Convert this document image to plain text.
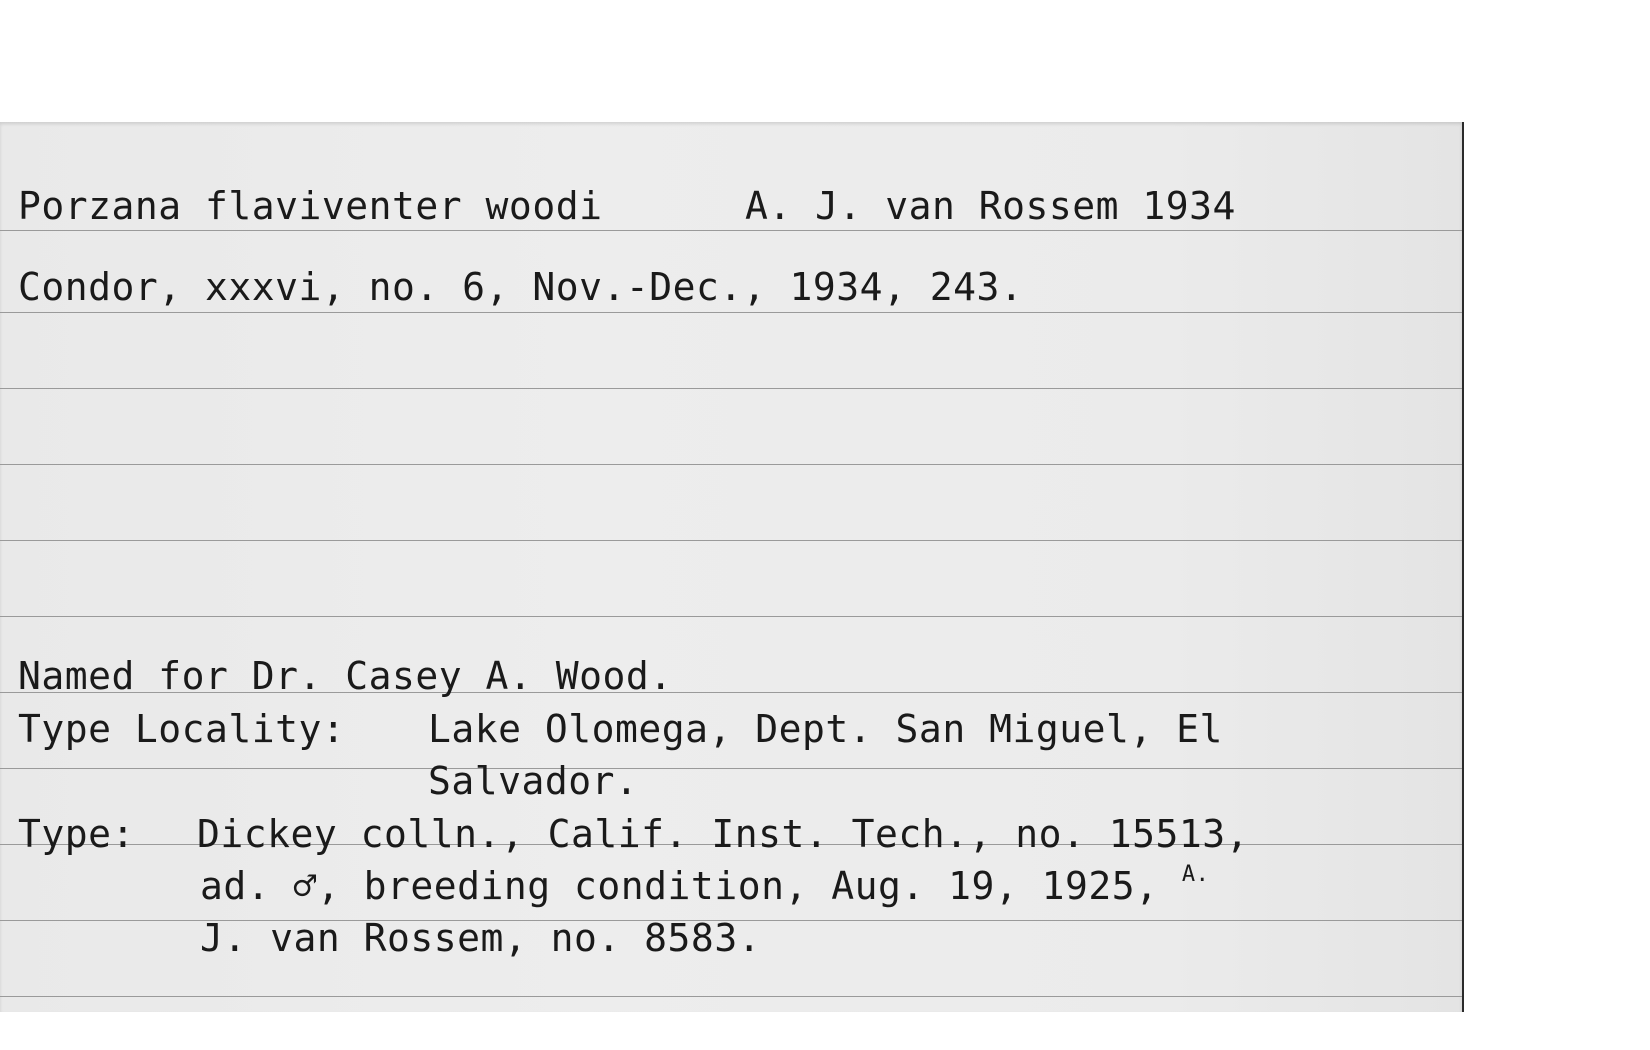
Porzana flaviventer woodi	A. J. van Rossem 1934
Condor, xxxvi, no. 6, Nov.-Dec., 1934, 243.
Named for Dr. Casey A. Wood.
Type Locality: Lake Olomega, Dept. San Miguel, El
Salvador.
Type: Dickey colln., Calif. Inst. Tech., no. 15513,
ad. ♂, breeding condition, Aug. 19, 1925, $^{A.}$
J. van Rossem, no. 8583.
